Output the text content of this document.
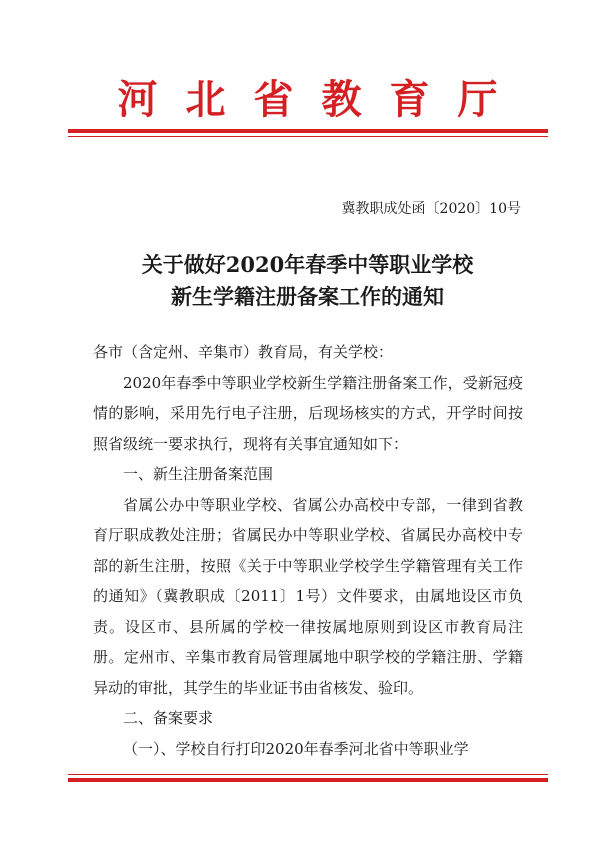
河北省教育厅
冀教职成处函〔2020〕10号
关于做好2020年春季中等职业学校
新生学籍注册备案工作的通知

各市（含定州、辛集市）教育局，有关学校：

2020年春季中等职业学校新生学籍注册备案工作，受新冠疫情的影响，采用先行电子注册，后现场核实的方式，开学时间按照省级统一要求执行，现将有关事宜通知如下：

一、新生注册备案范围

省属公办中等职业学校、省属公办高校中专部，一律到省教育厅职成教处注册；省属民办中等职业学校、省属民办高校中专部的新生注册，按照《关于中等职业学校学生学籍管理有关工作的通知》（冀教职成〔2011〕1号）文件要求，由属地设区市负责。设区市、县所属的学校一律按属地原则到设区市教育局注册。定州市、辛集市教育局管理属地中职学校的学籍注册、学籍异动的审批，其学生的毕业证书由省核发、验印。

二、备案要求

（一）、学校自行打印2020年春季河北省中等职业学
